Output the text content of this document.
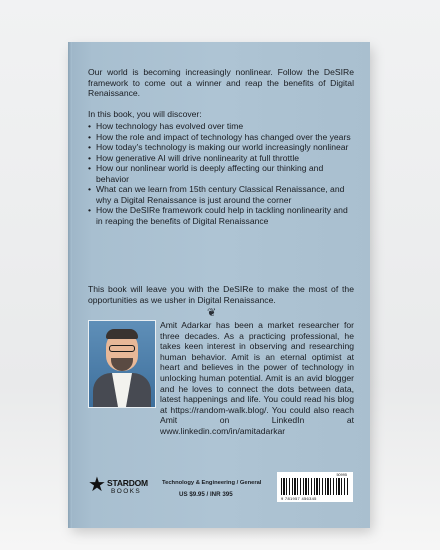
Our world is becoming increasingly nonlinear. Follow the DeSIRe framework to come out a winner and reap the benefits of Digital Renaissance.
In this book, you will discover:
• How technology has evolved over time
• How the role and impact of technology has changed over the years
• How today's technology is making our world increasingly nonlinear
• How generative AI will drive nonlinearity at full throttle
• How our nonlinear world is deeply affecting our thinking and behavior
• What can we learn from 15th century Classical Renaissance, and why a Digital Renaissance is just around the corner
• How the DeSIRe framework could help in tackling nonlinearity and in reaping the benefits of Digital Renaissance
This book will leave you with the DeSIRe to make the most of the opportunities as we usher in Digital Renaissance.
❦
Amit Adarkar has been a market researcher for three decades. As a practicing professional, he takes keen interest in observing and researching human behavior. Amit is an eternal optimist at heart and believes in the power of technology in unlocking human potential. Amit is an avid blogger and he loves to connect the dots between data, latest happenings and life. You could read his blog at https://random-walk.blog/. You could also reach Amit on LinkedIn at www.linkedin.com/in/amitadarkar
★ STARDOM
BOOKS
Technology & Engineering / General
US $9.95 / INR 395
50995
9 781957 456345
